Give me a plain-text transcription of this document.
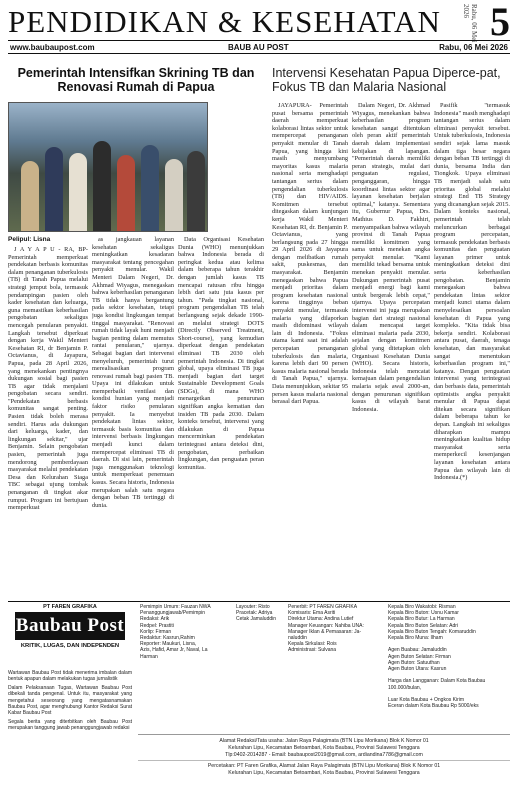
PENDIDIKAN & KESEHATAN	Rabu, 06 Mei 2026 5
www.baubaupost.com	BAUB AU POST	Rabu, 06 Mei 2026
Pemerintah Intensifkan Skrining TB dan Renovasi Rumah di Papua
Intervensi Kesehatan Papua Diperce-pat, Fokus TB dan Malaria Nasional
Pelipul: Lisna

J A Y A P U - RA, BP- Pemerintah memperkuat pendekatan berbasis komunitas dalam penanganan tuberkulosis (TB) di Tanah Papua melalui strategi jemput bola, termasuk pendampingan pasien oleh kader kesehatan dan keluarga, guna memastikan keberhasilan pengobatan sekaligus mencegah penularan penyakit. Langkah tersebut diperkuat dengan kerja Wakil Menteri Kesehatan RI, dr Benjamin P. Octavianus, di Jayapura, Papua, pada 28 April 2026, yang menekankan pentingnya dukungan sosial bagi pasien TB agar tidak menjalani pengobatan secara sendiri. "Pendekatan berbasis komunitas sangat penting. Pasien tidak boleh merasa sendiri. Harus ada dukungan dari keluarga, kader, dan lingkungan sekitar," ujar Benjamin. Selain pengobatan pasien, pemerintah juga mendorong pemberdayaan masyarakat melalui pendekatan Desa dan Kelurahan Siaga TBC sebagai ujung tombak penanganan di tingkat akar rumput. Program ini bertujuan memperkuat

as jangkauan layanan kesehatan sekaligus meningkatkan kesadaran masyarakat tentang pencegahan penyakit menular. Wakil Menteri Dalam Negeri, Dr. Akhmad Wiyagus, menegaskan bahwa keberhasilan penanganan TB tidak hanya bergantung pada sektor kesehatan, tetapi juga kondisi lingkungan tempat tinggal masyarakat. "Renovasi rumah tidak layak huni menjadi bagian penting dalam memutus rantai penularan," ujarnya. Sebagai bagian dari intervensi menyeluruh, pemerintah turut merealisasikan program renovasi rumah bagi pasien TB. Upaya ini dilakukan untuk memperbaiki ventilasi dan kondisi hunian yang menjadi faktor risiko penularan penyakit. Ia menyebut pendekatan lintas sektor, termasuk basis komunitas dan intervensi berbasis lingkungan menjadi kunci dalam mempercepat eliminasi TB di daerah. Di sisi lain, pemerintah juga menggunakan teknologi untuk memperkuat penemuan kasus. Secara historis, Indonesia merupakan salah satu negara dengan beban TB tertinggi di dunia.

Data Organisasi Kesehatan Dunia (WHO) menunjukkan bahwa Indonesia berada di peringkat kedua atau kelima dalam beberapa tahun terakhir dengan jumlah kasus TB mencapai ratusan ribu hingga lebih dari satu juta kasus per tahun. "Pada tingkat nasional, program pengendalian TB telah berlangsung sejak dekade 1990-an melalui strategi DOTS (Directly Observed Treatment, Short-course), yang kemudian diperkuat dengan pendekatan eliminasi TB 2030 oleh pemerintah Indonesia. Di tingkat global, upaya eliminasi TB juga menjadi bagian dari target Sustainable Development Goals (SDGs), di mana WHO menargetkan penurunan signifikan angka kematian dan insiden TB pada 2030. Dalam konteks tersebut, intervensi yang dilakukan di Papua mencerminkan pendekatan terintegrasi antara deteksi dini, pengobatan, perbaikan lingkungan, dan penguatan peran komunitas.

JAYAPURA- Pemerintah pusat bersama pemerintah daerah memperkuat kolaborasi lintas sektor untuk mempercepat penanganan penyakit menular di Tanah Papua, yang hingga kini masih menyumbang mayoritas kasus malaria nasional serta menghadapi tantangan serius dalam pengendalian tuberkulosis (TB) dan HIV/AIDS. Komitmen tersebut ditegaskan dalam kunjungan kerja Wakil Menteri Kesehatan RI, dr. Benjamin P. Octavianus, yang berlangsung pada 27 hingga 29 April 2026 di Jayapura dengan melibatkan rumah sakit, puskesmas, dan masyarakat. Benjamin menegaskan bahwa Papua menjadi prioritas dalam program kesehatan nasional karena tingginya beban penyakit menular, termasuk malaria yang dilaporkan masih didominasi wilayah lain di Indonesia. "Fokus utama kami saat ini adalah percepatan penanganan tuberkulosis dan malaria, karena lebih dari 90 persen kasus malaria nasional berada di Tanah Papua," ujarnya. Data menunjukkan, sekitar 95 persen kasus malaria nasional berasal dari Papua.

Dalam Negeri, Dr. Akhmad Wiyagus, menekankan bahwa keberhasilan program kesehatan sangat ditentukan oleh peran aktif pemerintah daerah dalam implementasi kebijakan di lapangan. "Pemerintah daerah memiliki peran strategis, mulai dari penguatan regulasi, penganggaran, hingga koordinasi lintas sektor agar layanan kesehatan berjalan optimal," katanya. Sementara itu, Gubernur Papua, Drs. Mathius D. Fakhiri, menyampaikan bahwa wilayah provinsi di Tanah Papua memiliki komitmen yang sama untuk menekan angka penyakit menular. "Kami memiliki tekad bersama untuk menekan penyakit menular. Dukungan pemerintah pusat menjadi energi bagi kami untuk bergerak lebih cepat," ujarnya. Upaya percepatan intervensi ini juga merupakan bagian dari strategi nasional dalam mencapai target eliminasi malaria pada 2030, sejalan dengan komitmen global yang ditetapkan oleh Organisasi Kesehatan Dunia (WHO). Secara historis, Indonesia telah mencatat kemajuan dalam pengendalian malaria sejak awal 2000-an, dengan penurunan signifikan kasus di wilayah barat Indonesia.

Pasifik "termasuk Indonesia" masih menghadapi tantangan serius dalam eliminasi penyakit tersebut. Untuk tuberkulosis, Indonesia sendiri sejak lama masuk dalam tiga besar negara dengan beban TB tertinggi di dunia, bersama India dan Tiongkok. Upaya eliminasi TB menjadi salah satu prioritas global melalui strategi End TB Strategy yang dicanangkan sejak 2015. Dalam konteks nasional, pemerintah telah meluncurkan berbagai program percepatan, termasuk pendekatan berbasis komunitas dan penguatan layanan primer untuk meningkatkan deteksi dini serta keberhasilan pengobatan. Benjamin menegaskan bahwa pendekatan lintas sektor menjadi kunci utama dalam menyelesaikan persoalan kesehatan di Papua yang kompleks. "Kita tidak bisa bekerja sendiri. Kolaborasi antara pusat, daerah, tenaga kesehatan, dan masyarakat sangat menentukan keberhasilan program ini," katanya. Dengan penguatan intervensi yang terintegrasi dan berbasis data, pemerintah optimistis angka penyakit menular di Papua dapat ditekan secara signifikan dalam beberapa tahun ke depan. Langkah ini sekaligus diharapkan mampu meningkatkan kualitas hidup masyarakat serta memperkecil kesenjangan layanan kesehatan antara Papua dan wilayah lain di Indonesia.(*)

PT FAREN GRAFIKA
Baubau Post
KRITIK, LUGAS, DAN INDEPENDEN

Wartawan Baubau Post tidak menerima imbalan dalam bentuk apapun dalam melakukan tugas jurnalistik

Dalam Pelaksanaan Tugas, Wartawan Baubau Post dibekali tanda pengenal. Untuk itu, masyarakat yang mengetahui seseorang yang mengatasnamakan Baubau Post, agar menghubungi Kantor Redaksi Surat Kabar Baubau Post

Segala berita yang diterbitkan oleh Baubau Post merupakan tanggung jawab penanggungjawab redaksi

Pemimpin Umum: Fauzan NWA
Penanggungjawab/Pemimpin
Redaksi: Arik
Redpel: Prastiti
Korlip: Firman
Redaktur: Kasrun,Rahim
Reporter: Maukuri, Lisna,
Azis, Hafid, Amar Jr, Naval, La
Harman
Layouter: Risto
Pracetak: Adriya
Cetak Jamaluddin
Penerbit: PT FAREN GRAFIKA
Komisaris: Ema Asriti
Direktur Utama: Andina Lutief
Manager Keuangan: Nahiba UNA:
Manager Iklan & Pemasaran: Ja-
naluddin
Kepala Sirkulasi: Rois
Administrasi: Sulvana
Kepala Biro Wakatobi: Risman
Kepala Biro Buton: Usnu Kamar
Kepala Biro Butur: La Harman
Kepala Biro Buton Selatan: Adri
Kepala Biro Buton Tengah: Komaruddin
Kepala Biro Muna: Ilham

Agen Buabau: Jamaluddin
Agen Buton Selatan: Firman
Agen Buton: Satuuthan
Agen Buton Utara: Kasrun

Harga dan Langganan: Dalam Kota Baubau
100.000/bulan,

Luar Kota Baubau + Ongkos Kirim
Eceran dalam Kota Baubau Rp 5000/eks
Alamat Redaksi/Tata usaha: Jalan Raya Palagimata (BTN Lipu Morikana) Blok K Nomor 01
Kelurahan Lipu, Kecamatan Betoambari, Kota Baubau, Provinsi Sulawesi Tenggara
Tlp:0402-2014287 - Email: baubaupost2019@gmail.com, ardiandina7786@gmail.com
Percetakan: PT Faren Grafika, Alamat Jalan Raya Palagimata (BTN Lipu Morikana) Blok K Nomor 01
Kelurahan Lipu, Kecamatan Betoambari, Kota Baubau, Provinsi Sulawesi Tenggara
